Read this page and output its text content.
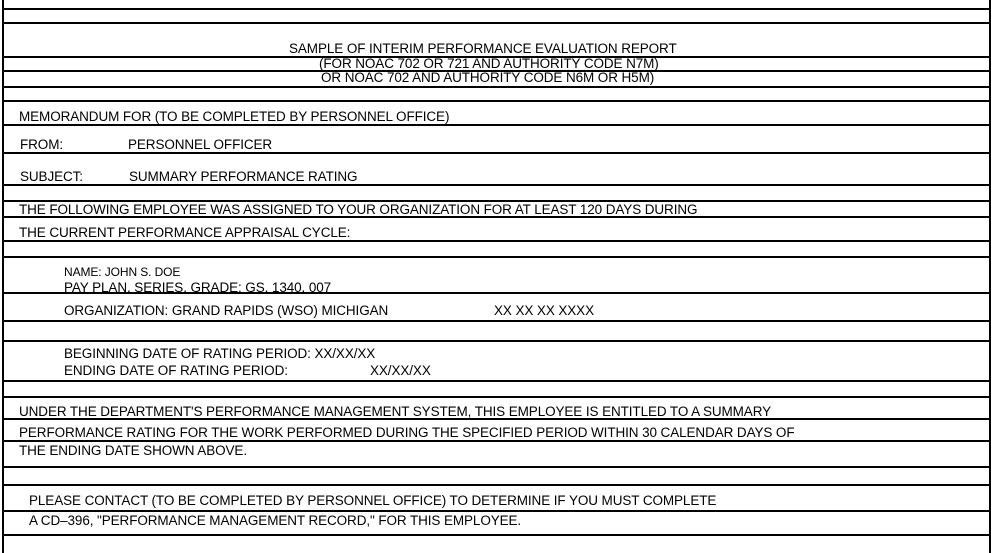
SAMPLE OF INTERIM PERFORMANCE EVALUATION REPORT
(FOR NOAC 702 OR 721 AND AUTHORITY CODE N7M)
OR NOAC 702 AND AUTHORITY CODE N6M OR H5M)
MEMORANDUM FOR (TO BE COMPLETED BY PERSONNEL OFFICE)
FROM:	PERSONNEL OFFICER
SUBJECT:	SUMMARY PERFORMANCE RATING
THE FOLLOWING EMPLOYEE WAS ASSIGNED TO YOUR ORGANIZATION FOR AT LEAST 120 DAYS DURING
THE CURRENT PERFORMANCE APPRAISAL CYCLE:
NAME: JOHN S. DOE
PAY PLAN, SERIES, GRADE: GS, 1340, 007
ORGANIZATION: GRAND RAPIDS (WSO) MICHIGAN	XX XX XX XXXX
BEGINNING DATE OF RATING PERIOD: XX/XX/XX
ENDING DATE OF RATING PERIOD:	XX/XX/XX
UNDER THE DEPARTMENT'S PERFORMANCE MANAGEMENT SYSTEM, THIS EMPLOYEE IS ENTITLED TO A SUMMARY
PERFORMANCE RATING FOR THE WORK PERFORMED DURING THE SPECIFIED PERIOD WITHIN 30 CALENDAR DAYS OF
THE ENDING DATE SHOWN ABOVE.
PLEASE CONTACT (TO BE COMPLETED BY PERSONNEL OFFICE) TO DETERMINE IF YOU MUST COMPLETE
A CD–396, "PERFORMANCE MANAGEMENT RECORD," FOR THIS EMPLOYEE.
